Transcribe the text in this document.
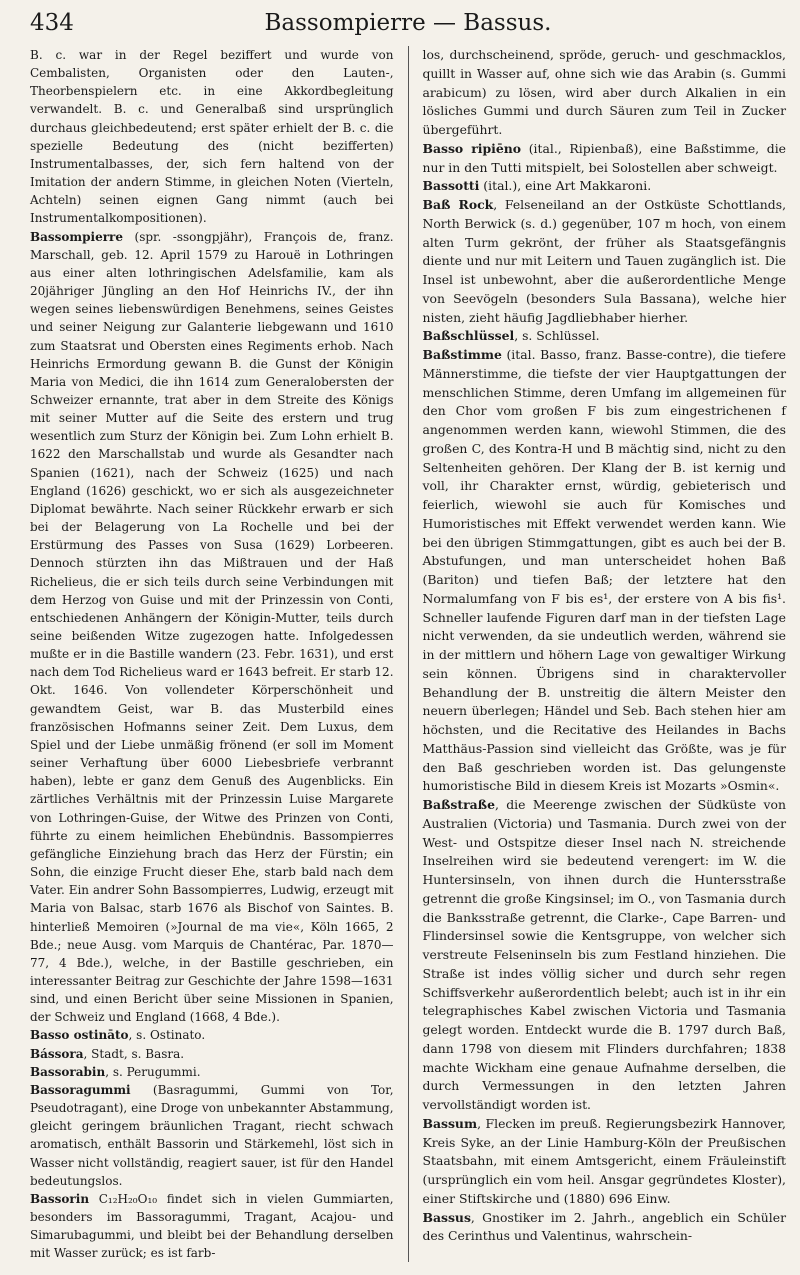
434	Bassompierre — Bassus.

B. c. war in der Regel beziffert und wurde von Cembalisten, Organisten oder den Lauten-, Theorbenspielern etc. in eine Akkordbegleitung verwandelt. B. c. und Generalbaß sind ursprünglich durchaus gleichbedeutend; erst später erhielt der B. c. die spezielle Bedeutung des (nicht bezifferten) Instrumentalbasses, der, sich fern haltend von der Imitation der andern Stimme, in gleichen Noten (Vierteln, Achteln) seinen eignen Gang nimmt (auch bei Instrumentalkompositionen).

Bassompierre (spr. -ssongpjähr), François de, franz. Marschall, geb. 12. April 1579 zu Harouë in Lothringen aus einer alten lothringischen Adelsfamilie, kam als 20jähriger Jüngling an den Hof Heinrichs IV., der ihn wegen seines liebenswürdigen Benehmens, seines Geistes und seiner Neigung zur Galanterie liebgewann und 1610 zum Staatsrat und Obersten eines Regiments erhob. Nach Heinrichs Ermordung gewann B. die Gunst der Königin Maria von Medici, die ihn 1614 zum Generalobersten der Schweizer ernannte, trat aber in dem Streite des Königs mit seiner Mutter auf die Seite des erstern und trug wesentlich zum Sturz der Königin bei. Zum Lohn erhielt B. 1622 den Marschallstab und wurde als Gesandter nach Spanien (1621), nach der Schweiz (1625) und nach England (1626) geschickt, wo er sich als ausgezeichneter Diplomat bewährte. Nach seiner Rückkehr erwarb er sich bei der Belagerung von La Rochelle und bei der Erstürmung des Passes von Susa (1629) Lorbeeren. Dennoch stürzten ihn das Mißtrauen und der Haß Richelieus, die er sich teils durch seine Verbindungen mit dem Herzog von Guise und mit der Prinzessin von Conti, entschiedenen Anhängern der Königin-Mutter, teils durch seine beißenden Witze zugezogen hatte. Infolgedessen mußte er in die Bastille wandern (23. Febr. 1631), und erst nach dem Tod Richelieus ward er 1643 befreit. Er starb 12. Okt. 1646. Von vollendeter Körperschönheit und gewandtem Geist, war B. das Musterbild eines französischen Hofmanns seiner Zeit. Dem Luxus, dem Spiel und der Liebe unmäßig frönend (er soll im Moment seiner Verhaftung über 6000 Liebesbriefe verbrannt haben), lebte er ganz dem Genuß des Augenblicks. Ein zärtliches Verhältnis mit der Prinzessin Luise Margarete von Lothringen-Guise, der Witwe des Prinzen von Conti, führte zu einem heimlichen Ehebündnis. Bassompierres gefängliche Einziehung brach das Herz der Fürstin; ein Sohn, die einzige Frucht dieser Ehe, starb bald nach dem Vater. Ein andrer Sohn Bassompierres, Ludwig, erzeugt mit Maria von Balsac, starb 1676 als Bischof von Saintes. B. hinterließ Memoiren (»Journal de ma vie«, Köln 1665, 2 Bde.; neue Ausg. vom Marquis de Chantérac, Par. 1870—77, 4 Bde.), welche, in der Bastille geschrieben, ein interessanter Beitrag zur Geschichte der Jahre 1598—1631 sind, und einen Bericht über seine Missionen in Spanien, der Schweiz und England (1668, 4 Bde.).

Basso ostināto, s. Ostinato.

Bássora, Stadt, s. Basra.

Bassorabin, s. Perugummi.

Bassoragummi (Basragummi, Gummi von Tor, Pseudotragant), eine Droge von unbekannter Abstammung, gleicht geringem bräunlichen Tragant, riecht schwach aromatisch, enthält Bassorin und Stärkemehl, löst sich in Wasser nicht vollständig, reagiert sauer, ist für den Handel bedeutungslos.

Bassorin C₁₂H₂₀O₁₀ findet sich in vielen Gummiarten, besonders im Bassoragummi, Tragant, Acajou- und Simarubagummi, und bleibt bei der Behandlung derselben mit Wasser zurück; es ist farb-

los, durchscheinend, spröde, geruch- und geschmacklos, quillt in Wasser auf, ohne sich wie das Arabin (s. Gummi arabicum) zu lösen, wird aber durch Alkalien in ein lösliches Gummi und durch Säuren zum Teil in Zucker übergeführt.

Basso ripiēno (ital., Ripienbaß), eine Baßstimme, die nur in den Tutti mitspielt, bei Solostellen aber schweigt.

Bassotti (ital.), eine Art Makkaroni.

Baß Rock, Felseneiland an der Ostküste Schottlands, North Berwick (s. d.) gegenüber, 107 m hoch, von einem alten Turm gekrönt, der früher als Staatsgefängnis diente und nur mit Leitern und Tauen zugänglich ist. Die Insel ist unbewohnt, aber die außerordentliche Menge von Seevögeln (besonders Sula Bassana), welche hier nisten, zieht häufig Jagdliebhaber hierher.

Baßschlüssel, s. Schlüssel.

Baßstimme (ital. Basso, franz. Basse-contre), die tiefere Männerstimme, die tiefste der vier Hauptgattungen der menschlichen Stimme, deren Umfang im allgemeinen für den Chor vom großen F bis zum eingestrichenen f angenommen werden kann, wiewohl Stimmen, die des großen C, des Kontra-H und B mächtig sind, nicht zu den Seltenheiten gehören. Der Klang der B. ist kernig und voll, ihr Charakter ernst, würdig, gebieterisch und feierlich, wiewohl sie auch für Komisches und Humoristisches mit Effekt verwendet werden kann. Wie bei den übrigen Stimmgattungen, gibt es auch bei der B. Abstufungen, und man unterscheidet hohen Baß (Bariton) und tiefen Baß; der letztere hat den Normalumfang von F bis es¹, der erstere von A bis fis¹. Schneller laufende Figuren darf man in der tiefsten Lage nicht verwenden, da sie undeutlich werden, während sie in der mittlern und höhern Lage von gewaltiger Wirkung sein können. Übrigens sind in charaktervoller Behandlung der B. unstreitig die ältern Meister den neuern überlegen; Händel und Seb. Bach stehen hier am höchsten, und die Recitative des Heilandes in Bachs Matthäus-Passion sind vielleicht das Größte, was je für den Baß geschrieben worden ist. Das gelungenste humoristische Bild in diesem Kreis ist Mozarts »Osmin«.

Baßstraße, die Meerenge zwischen der Südküste von Australien (Victoria) und Tasmania. Durch zwei von der West- und Ostspitze dieser Insel nach N. streichende Inselreihen wird sie bedeutend verengert: im W. die Huntersinseln, von ihnen durch die Huntersstraße getrennt die große Kingsinsel; im O., von Tasmania durch die Banksstraße getrennt, die Clarke-, Cape Barren- und Flindersinsel sowie die Kentsgruppe, von welcher sich verstreute Felseninseln bis zum Festland hinziehen. Die Straße ist indes völlig sicher und durch sehr regen Schiffsverkehr außerordentlich belebt; auch ist in ihr ein telegraphisches Kabel zwischen Victoria und Tasmania gelegt worden. Entdeckt wurde die B. 1797 durch Baß, dann 1798 von diesem mit Flinders durchfahren; 1838 machte Wickham eine genaue Aufnahme derselben, die durch Vermessungen in den letzten Jahren vervollständigt worden ist.

Bassum, Flecken im preuß. Regierungsbezirk Hannover, Kreis Syke, an der Linie Hamburg-Köln der Preußischen Staatsbahn, mit einem Amtsgericht, einem Fräuleinstift (ursprünglich ein vom heil. Ansgar gegründetes Kloster), einer Stiftskirche und (1880) 696 Einw.

Bassus, Gnostiker im 2. Jahrh., angeblich ein Schüler des Cerinthus und Valentinus, wahrschein-
